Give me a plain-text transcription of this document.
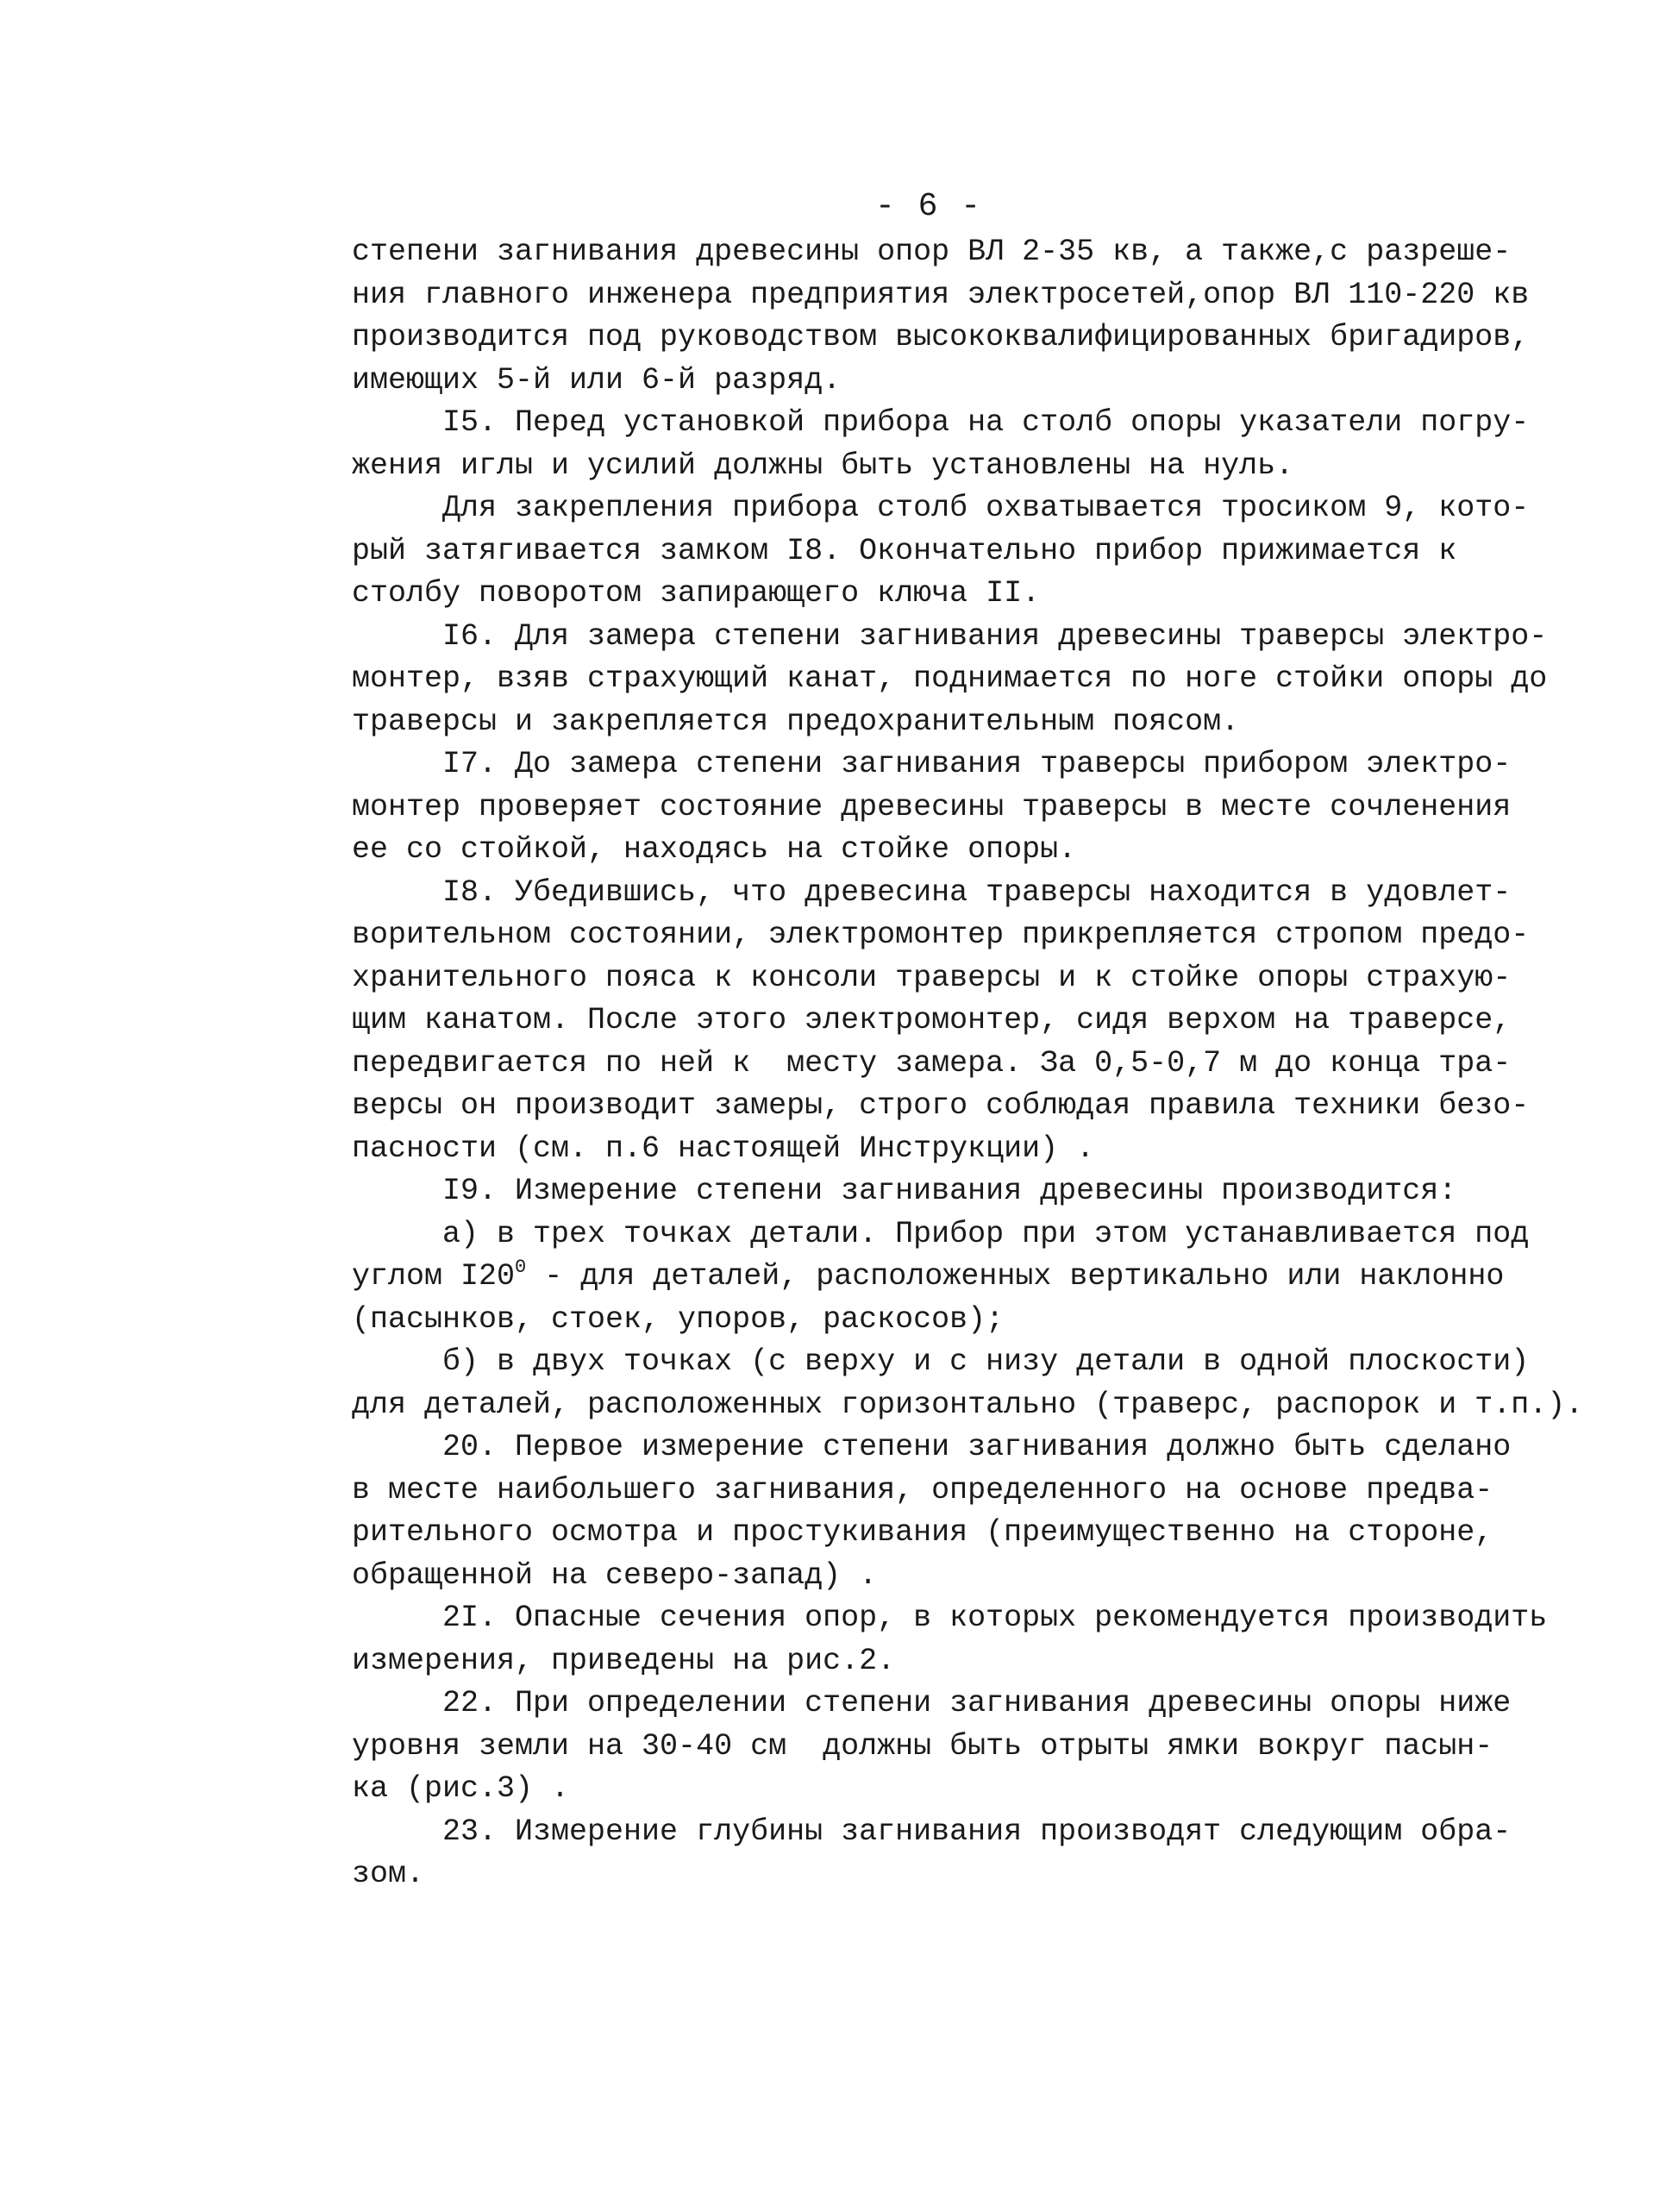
- 6 -
степени загнивания древесины опор ВЛ 2-35 кв, а также,с разреше-
ния главного инженера предприятия электросетей,опор ВЛ 110-220 кв
производится под руководством высококвалифицированных бригадиров,
имеющих 5-й или 6-й разряд.
I5. Перед установкой прибора на столб опоры указатели погру-
жения иглы и усилий должны быть установлены на нуль.
Для закрепления прибора столб охватывается тросиком 9, кото-
рый затягивается замком I8. Окончательно прибор прижимается к
столбу поворотом запирающего ключа II.
I6. Для замера степени загнивания древесины траверсы электро-
монтер, взяв страхующий канат, поднимается по ноге стойки опоры до
траверсы и закрепляется предохранительным поясом.
I7. До замера степени загнивания траверсы прибором электро-
монтер проверяет состояние древесины траверсы в месте сочленения
ее со стойкой, находясь на стойке опоры.
I8. Убедившись, что древесина траверсы находится в удовлет-
ворительном состоянии, электромонтер прикрепляется стропом предо-
хранительного пояса к консоли траверсы и к стойке опоры страхую-
щим канатом. После этого электромонтер, сидя верхом на траверсе,
передвигается по ней к  месту замера. За 0,5-0,7 м до конца тра-
версы он производит замеры, строго соблюдая правила техники безо-
пасности (см. п.6 настоящей Инструкции) .
I9. Измерение степени загнивания древесины производится:
а) в трех точках детали. Прибор при этом устанавливается под
углом $I20^0$ - для деталей, расположенных вертикально или наклонно
(пасынков, стоек, упоров, раскосов);
б) в двух точках (с верху и с низу детали в одной плоскости)
для деталей, расположенных горизонтально (траверс, распорок и т.п.).
20. Первое измерение степени загнивания должно быть сделано
в месте наибольшего загнивания, определенного на основе предва-
рительного осмотра и простукивания (преимущественно на стороне,
обращенной на северо-запад) .
2I. Опасные сечения опор, в которых рекомендуется производить
измерения, приведены на рис.2.
22. При определении степени загнивания древесины опоры ниже
уровня земли на 30-40 см  должны быть отрыты ямки вокруг пасын-
ка (рис.3) .
23. Измерение глубины загнивания производят следующим обра-
зом.
